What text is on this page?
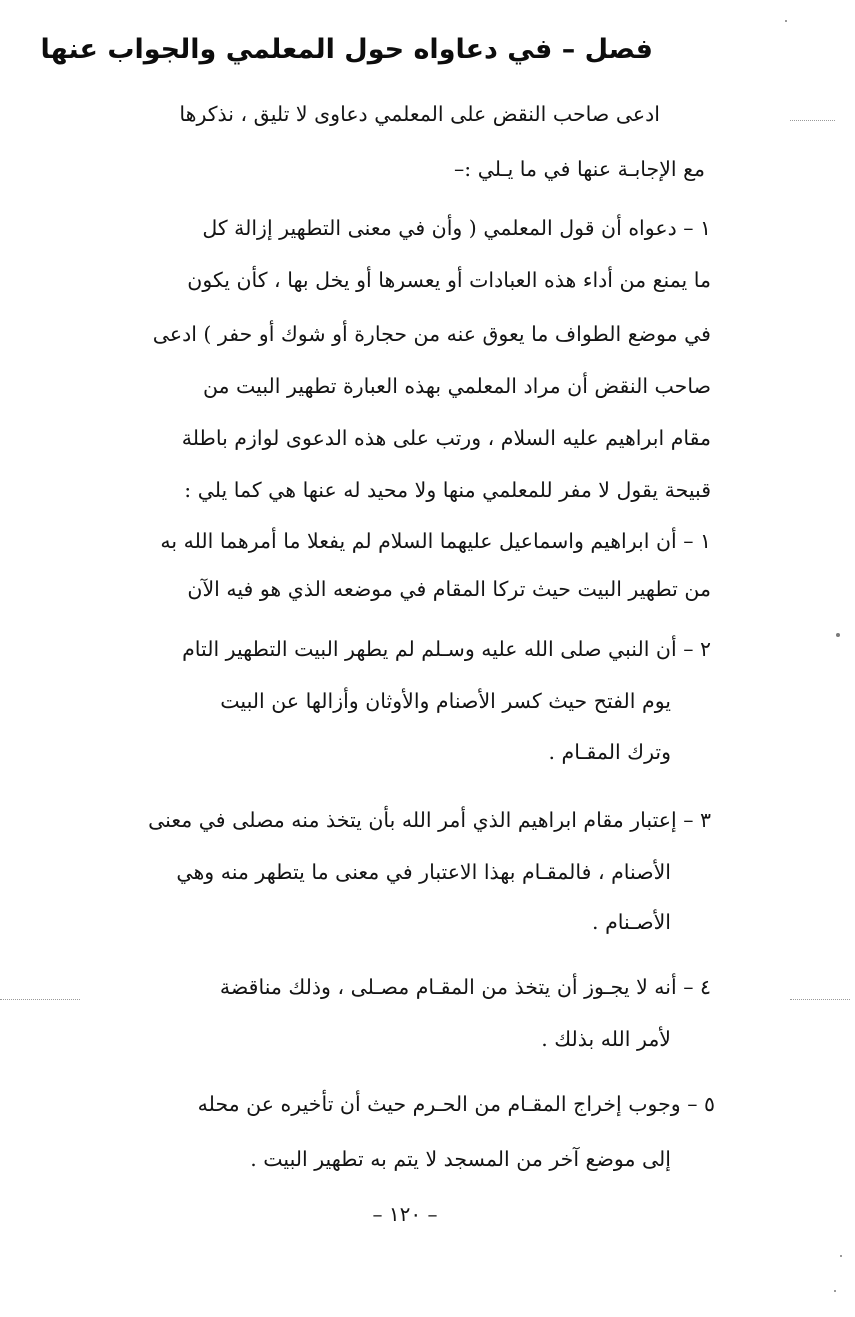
فصل – في دعاواه حول المعلمي والجواب عنها
ادعى صاحب النقض على المعلمي دعاوى لا تليق ، نذكرها
مع الإجابـة عنها في ما يـلي :–
١ – دعواه أن قول المعلمي ( وأن في معنى التطهير إزالة كل
ما يمنع من أداء هذه العبادات أو يعسرها أو يخل بها ، كأن يكون
في موضع الطواف ما يعوق عنه من حجارة أو شوك أو حفر ) ادعى
صاحب النقض أن مراد المعلمي بهذه العبارة تطهير البيت من
مقام ابراهيم عليه السلام ، ورتب على هذه الدعوى لوازم باطلة
قبيحة يقول لا مفر للمعلمي منها ولا محيد له عنها هي كما يلي :
١ – أن ابراهيم واسماعيل عليهما السلام لم يفعلا ما أمرهما الله به
من تطهير البيت حيث تركا المقام في موضعه الذي هو فيه الآن
٢ – أن النبي صلى الله عليه وسـلم لم يطهر البيت التطهير التام
يوم الفتح حيث كسر الأصنام والأوثان وأزالها عن البيت
وترك المقـام .
٣ – إعتبار مقام ابراهيم الذي أمر الله بأن يتخذ منه مصلى في معنى
الأصنام ، فالمقـام بهذا الاعتبار في معنى ما يتطهر منه وهي
الأصـنام .
٤ – أنه لا يجـوز أن يتخذ من المقـام مصـلى ، وذلك مناقضة
لأمر الله بذلك .
٥ – وجوب إخراج المقـام من الحـرم حيث أن تأخيره عن محله
إلى موضع آخر من المسجد لا يتم به تطهير البيت .
– ١٢٠ –
